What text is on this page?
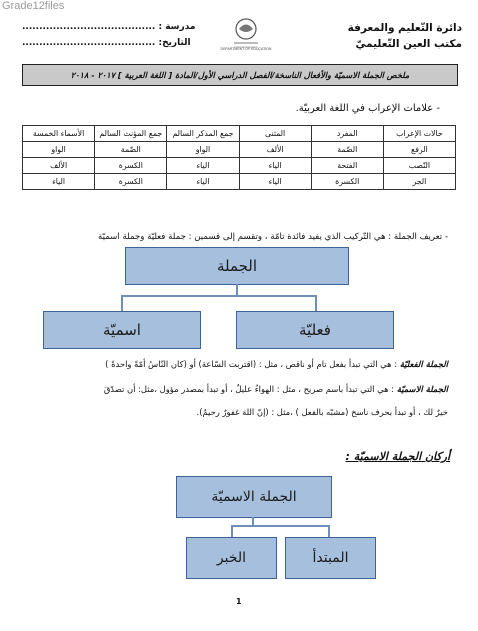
Grade12files
دائرة التّعليم والمعرفة
مكتب العين التّعليميّ
مدرسة : .......................................
التاريخ: .......................................
DEPARTMENT OF EDUCATION
ملخص الجملة الاسميّة والأفعال الناسخة/الفصل الدراسي الأول/المادة [ اللغة العربية ] ٢٠١٧ - ٢٠١٨
- علامات الإعراب في اللغة العربيّة.
حالات الإعراب	المفرد	المثنى	جمع المذكر السالم	جمع المؤنث السالم	الأسماء الخمسة
الرفع	الضّمة	الألف	الواو	الضّمة	الواو
النّصب	الفتحة	الياء	الياء	الكسرة	الألف
الجر	الكسرة	الياء	الياء	الكسرة	الياء
- تعريف الجملة : هي التّركيب الذي يفيد فائدة تامّة ، وتقسم إلى قسمين : جملة فعليّة وجملة اسميّة
الجملة
فعليّة
اسميّة
الجملة الفعليّة : هي التي تبدأ بفعل تام أو ناقص ، مثل : (اقتربت السّاعة) أو (كان النّاسُ أمّةً واحدةً )
الجملة الاسميّة : هي التي تبدأ باسم صريح ، مثل : الهواءُ عليلٌ ، أو تبدأ بمصدر مؤول ،مثل: أن تصدّقَ
خيرٌ لك ، أو تبدأ بحرف ناسخ (مشبّه بالفعل ) ،مثل : (إنّ اللهَ غفورٌ رحيمٌ).
أركان الجملة الاسميّة :
الجملة الاسميّة
المبتدأ
الخبر
1
